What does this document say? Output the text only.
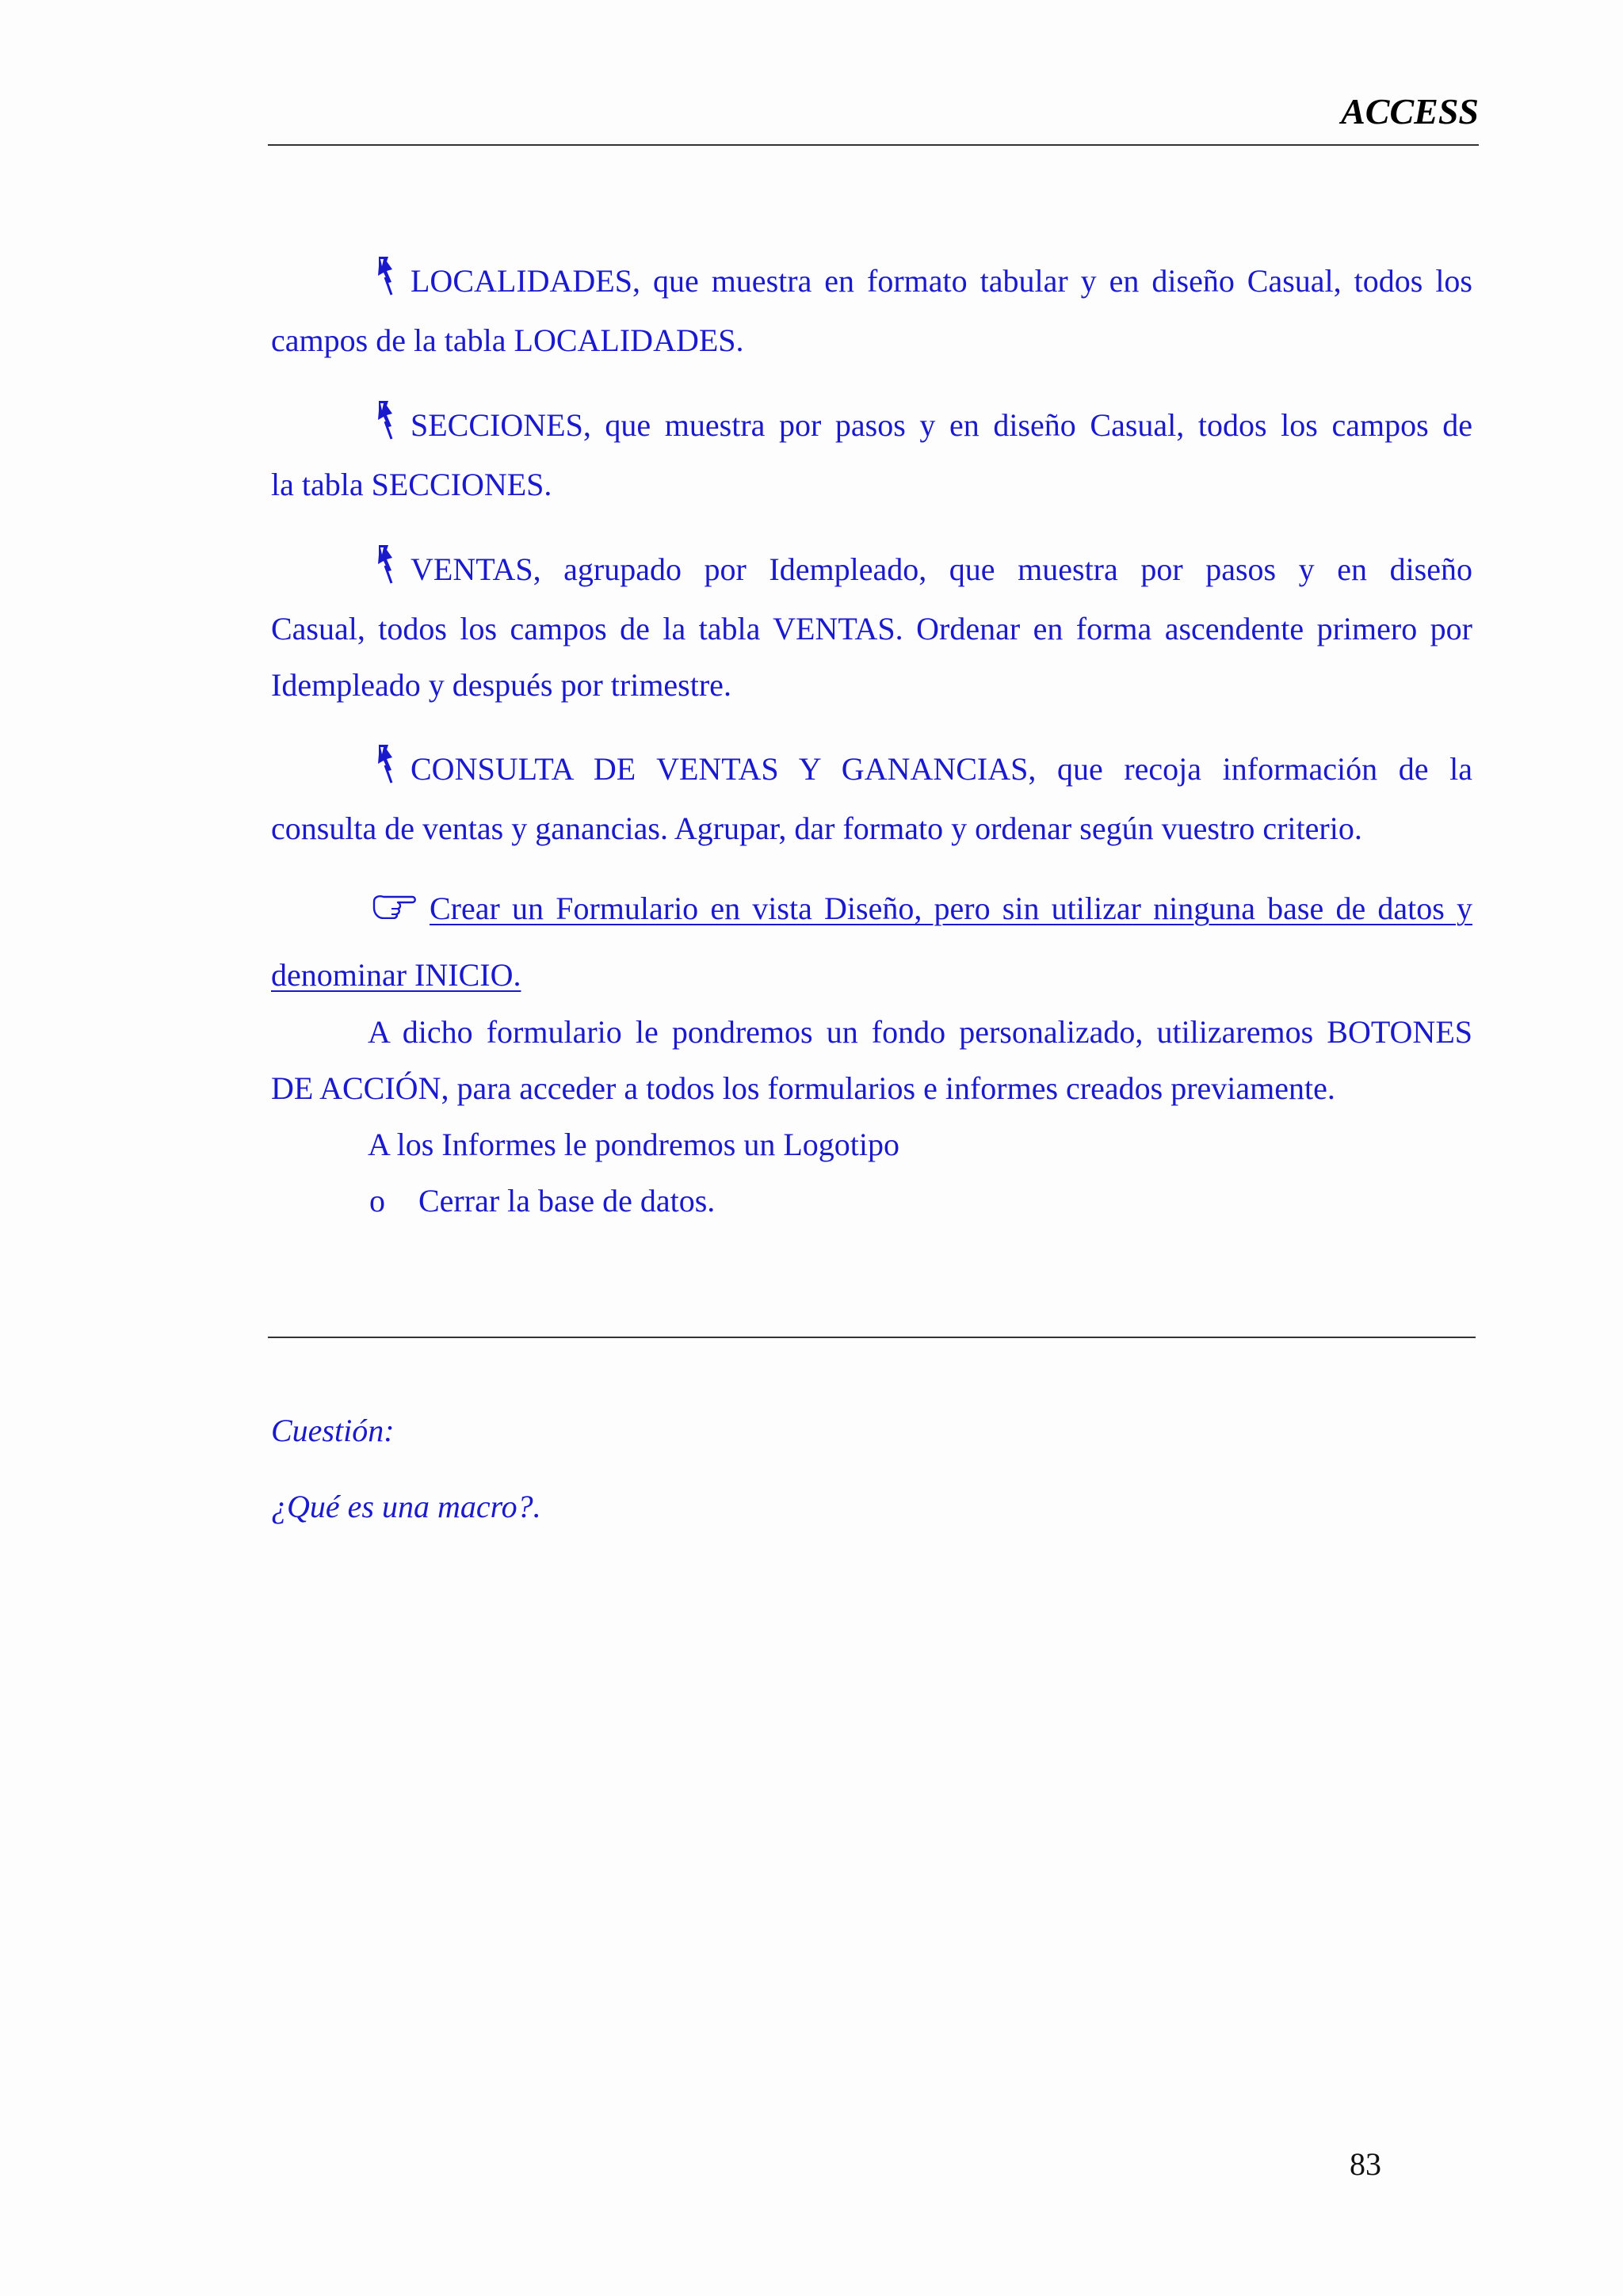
ACCESS
LOCALIDADES, que muestra en formato tabular y en diseño Casual, todos los
campos de la tabla LOCALIDADES.
SECCIONES, que muestra por pasos y en diseño Casual, todos los campos de
la tabla SECCIONES.
VENTAS, agrupado por Idempleado, que muestra por pasos y en diseño
Casual, todos los campos de la tabla VENTAS. Ordenar en forma ascendente primero por
Idempleado y después por trimestre.
CONSULTA DE VENTAS Y GANANCIAS, que recoja información de la
consulta de ventas y ganancias. Agrupar, dar formato y ordenar según vuestro criterio.
Crear un Formulario en vista Diseño, pero sin utilizar ninguna base de datos y
denominar INICIO.
A dicho formulario le pondremos un fondo personalizado, utilizaremos BOTONES
DE ACCIÓN, para acceder a todos los formularios e informes creados previamente.
A los Informes le pondremos un Logotipo
o Cerrar la base de datos.
Cuestión:
¿Qué es una macro?.
83
